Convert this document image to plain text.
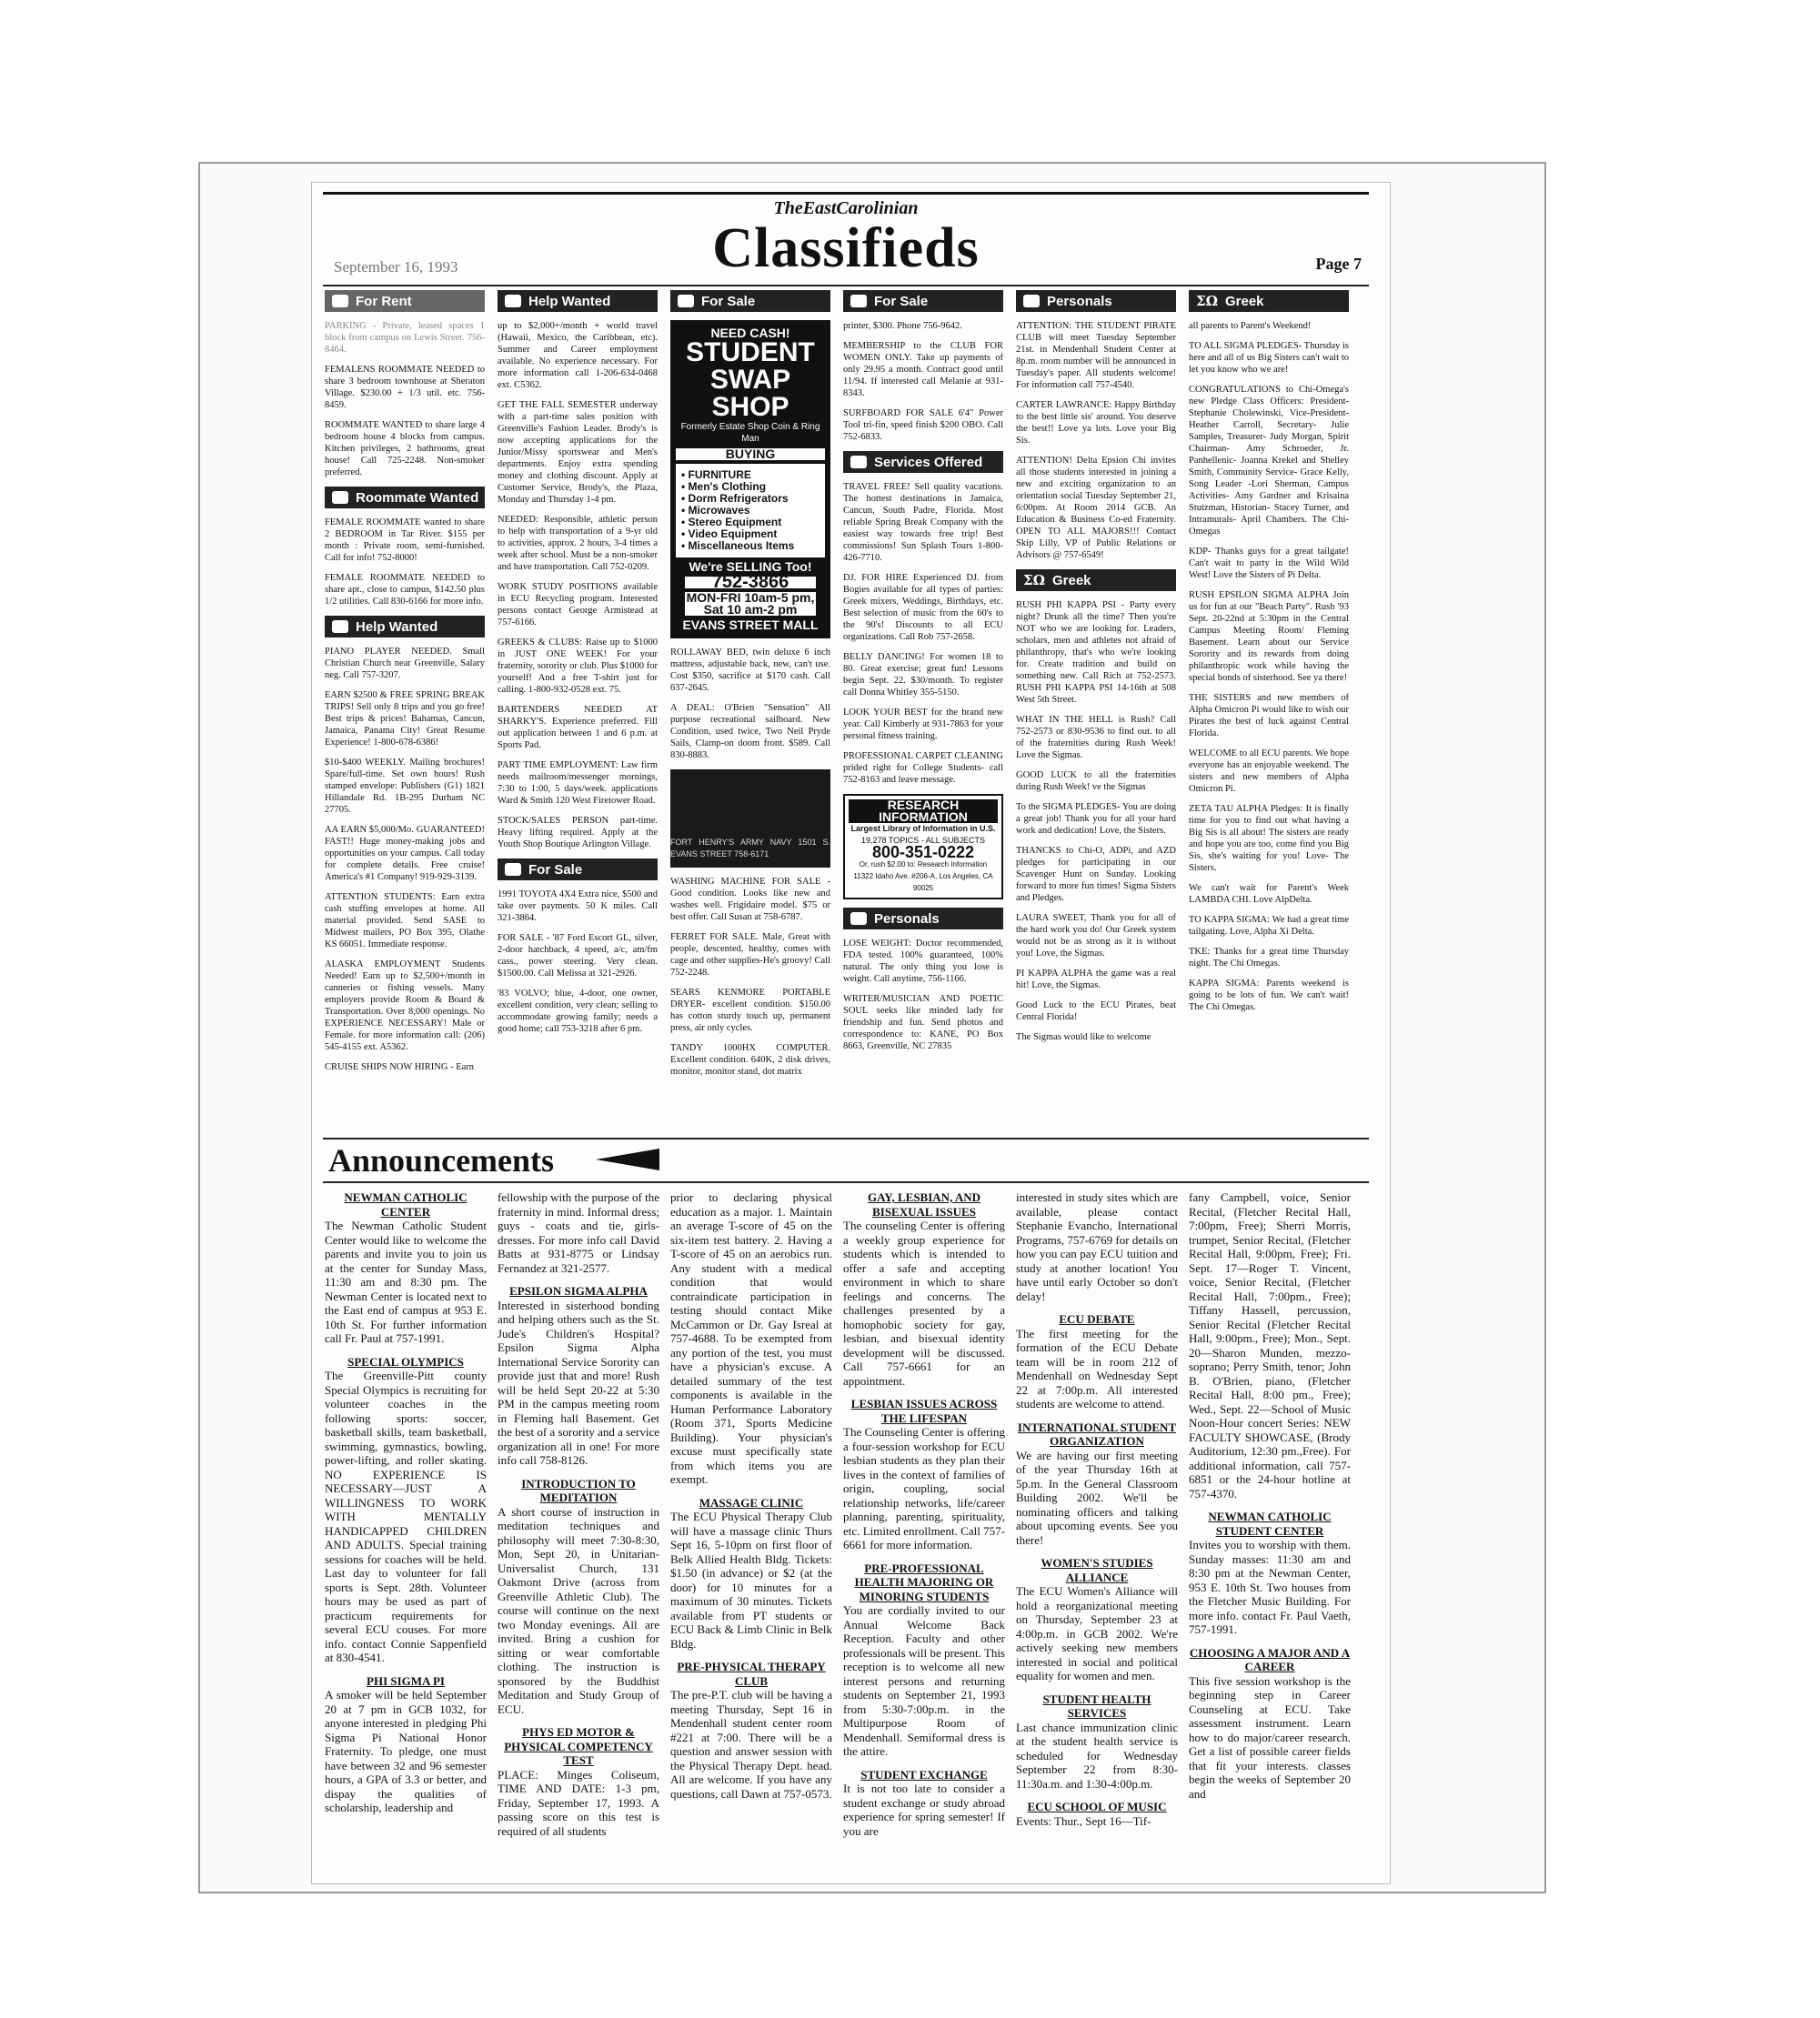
TheEastCarolinian
Classifieds
September 16, 1993	Page 7
For Rent

PARKING - Private, leased spaces 1 block from campus on Lewis Street. 756-8464.

FEMALENS ROOMMATE NEEDED to share 3 bedroom townhouse at Sheraton Village. $230.00 + 1/3 util. etc. 756-8459.

ROOMMATE WANTED to share large 4 bedroom house 4 blocks from campus. Kitchen privileges, 2 bathrooms, great house! Call 725-2248. Non-smoker preferred.

Roommate Wanted

FEMALE ROOMMATE wanted to share 2 BEDROOM in Tar River. $155 per month : Private room, semi-furnished. Call for info! 752-8000!

FEMALE ROOMMATE NEEDED to share apt., close to campus, $142.50 plus 1/2 utilities. Call 830-6166 for more info.

Help Wanted

PIANO PLAYER NEEDED. Small Christian Church near Greenville, Salary neg. Call 757-3207.

EARN $2500 & FREE SPRING BREAK TRIPS! Sell only 8 trips and you go free! Best trips & prices! Bahamas, Cancun, Jamaica, Panama City! Great Resume Experience! 1-800-678-6386!

$10-$400 WEEKLY. Mailing brochures! Spare/full-time. Set own hours! Rush stamped envelope: Publishers (G1) 1821 Hillandale Rd. 1B-295 Durham NC 27705.

AA EARN $5,000/Mo. GUARANTEED! FAST!! Huge money-making jobs and opportunities on your campus. Call today for complete details. Free cruise! America's #1 Company! 919-929-3139.

ATTENTION STUDENTS: Earn extra cash stuffing envelopes at home. All material provided. Send SASE to Midwest mailers, PO Box 395, Olathe KS 66051. Immediate response.

ALASKA EMPLOYMENT Students Needed! Earn up to $2,500+/month in canneries or fishing vessels. Many employers provide Room & Board & Transportation. Over 8,000 openings. No EXPERIENCE NECESSARY! Male or Female. for more information call: (206) 545-4155 ext. A5362.

CRUISE SHIPS NOW HIRING - Earn

Help Wanted

up to $2,000+/month + world travel (Hawaii, Mexico, the Caribbean, etc). Summer and Career employment available. No experience necessary. For more information call 1-206-634-0468 ext. C5362.

GET THE FALL SEMESTER underway with a part-time sales position with Greenville's Fashion Leader. Brody's is now accepting applications for the Junior/Missy sportswear and Men's departments. Enjoy extra spending money and clothing discount. Apply at Customer Service, Brody's, the Plaza, Monday and Thursday 1-4 pm.

NEEDED: Responsible, athletic person to help with transportation of a 9-yr old to activities, approx. 2 hours, 3-4 times a week after school. Must be a non-smoker and have transportation. Call 752-0209.

WORK STUDY POSITIONS available in ECU Recycling program. Interested persons contact George Armistead at 757-6166.

GREEKS & CLUBS: Raise up to $1000 in JUST ONE WEEK! For your fraternity, sorority or club. Plus $1000 for yourself! And a free T-shirt just for calling. 1-800-932-0528 ext. 75.

BARTENDERS NEEDED AT SHARKY'S. Experience preferred. Fill out application between 1 and 6 p.m. at Sports Pad.

PART TIME EMPLOYMENT: Law firm needs mailroom/messenger mornings, 7:30 to 1:00, 5 days/week. applications Ward & Smith 120 West Firetower Road.

STOCK/SALES PERSON part-time. Heavy lifting required. Apply at the Youth Shop Boutique Arlington Village.

For Sale

1991 TOYOTA 4X4 Extra nice, $500 and take over payments. 50 K miles. Call 321-3864.

FOR SALE - '87 Ford Escort GL, silver, 2-door hatchback, 4 speed, a/c, am/fm cass., power steering. Very clean. $1500.00. Call Melissa at 321-2926.

'83 VOLVO; blue, 4-door, one owner, excellent condition, very clean; selling to accommodate growing family; needs a good home; call 753-3218 after 6 pm.

For Sale
NEED CASH!
STUDENT SWAP SHOP
Formerly Estate Shop Coin & Ring Man
BUYING
• FURNITURE
• Men's Clothing
• Dorm Refrigerators
• Microwaves
• Stereo Equipment
• Video Equipment
• Miscellaneous Items
We're SELLING Too!
752-3866
MON-FRI 10am-5 pm, Sat 10 am-2 pm
EVANS STREET MALL

ROLLAWAY BED, twin deluxe 6 inch mattress, adjustable back, new, can't use. Cost $350, sacrifice at $170 cash. Call 637-2645.

A DEAL: O'Brien "Sensation" All purpose recreational sailboard. New Condition, used twice, Two Neil Pryde Sails, Clamp-on doom front. $589. Call 830-8883.

FORT HENRY'S ARMY NAVY 1501 S. EVANS STREET 758-6171

WASHING MACHINE FOR SALE - Good condition. Looks like new and washes well. Frigidaire model. $75 or best offer. Call Susan at 758-6787.

FERRET FOR SALE. Male, Great with people, descented, healthy, comes with cage and other supplies-He's groovy! Call 752-2248.

SEARS KENMORE PORTABLE DRYER- excellent condition. $150.00 has cotton sturdy touch up, permanent press, air only cycles.

TANDY 1000HX COMPUTER. Excellent condition. 640K, 2 disk drives, monitor, monitor stand, dot matrix

For Sale

printer, $300. Phone 756-9642.

MEMBERSHIP to the CLUB FOR WOMEN ONLY. Take up payments of only 29.95 a month. Contract good until 11/94. If interested call Melanie at 931-8343.

SURFBOARD FOR SALE 6'4" Power Tool tri-fin, speed finish $200 OBO. Call 752-6833.

Services Offered

TRAVEL FREE! Sell quality vacations. The hottest destinations in Jamaica, Cancun, South Padre, Florida. Most reliable Spring Break Company with the easiest way towards free trip! Best commissions! Sun Splash Tours 1-800-426-7710.

DJ. FOR HIRE Experienced DJ. from Bogies available for all types of parties: Greek mixers, Weddings, Birthdays, etc. Best selection of music from the 60's to the 90's! Discounts to all ECU organizations. Call Rob 757-2658.

BELLY DANCING! For women 18 to 80. Great exercise; great fun! Lessons begin Sept. 22. $30/month. To register call Donna Whitley 355-5150.

LOOK YOUR BEST for the brand new year. Call Kimberly at 931-7863 for your personal fitness training.

PROFESSIONAL CARPET CLEANING prided right for College Students- call 752-8163 and leave message.

RESEARCH INFORMATION
Largest Library of Information in U.S.
19,278 TOPICS - ALL SUBJECTS
800-351-0222
Or, rush $2.00 to: Research Information 11322 Idaho Ave. #206-A, Los Angeles, CA 90025
Personals

LOSE WEIGHT: Doctor recommended, FDA tested. 100% guaranteed, 100% natural. The only thing you lose is weight. Call anytime, 756-1166.

WRITER/MUSICIAN AND POETIC SOUL seeks like minded lady for friendship and fun. Send photos and correspondence to: KANE, PO Box 8663, Greenville, NC 27835

Personals

ATTENTION: THE STUDENT PIRATE CLUB will meet Tuesday September 21st. in Mendenhall Student Center at 8p.m. room number will be announced in Tuesday's paper. All students welcome! For information call 757-4540.

CARTER LAWRANCE: Happy Birthday to the best little sis' around. You deserve the best!! Love ya lots. Love your Big Sis.

ATTENTION! Delta Epsion Chi invites all those students interested in joining a new and exciting organization to an orientation social Tuesday September 21, 6:00pm. At Room 2014 GCB. An Education & Business Co-ed Fraternity. OPEN TO ALL MAJORS!!! Contact Skip Lilly, VP of Public Relations or Advisors @ 757-6549!

ΣΩ Greek

RUSH PHI KAPPA PSI - Party every night? Drunk all the time? Then you're NOT who we are looking for. Leaders, scholars, men and athletes not afraid of philanthropy, that's who we're looking for. Create tradition and build on something new. Call Rich at 752-2573. RUSH PHI KAPPA PSI 14-16th at 508 West 5th Street.

WHAT IN THE HELL is Rush? Call 752-2573 or 830-9536 to find out. to all of the fraternities during Rush Week! Love the Sigmas.

GOOD LUCK to all the fraternities during Rush Week! ve the Sigmas

To the SIGMA PLEDGES- You are doing a great job! Thank you for all your hard work and dedication! Love, the Sisters.

THANCKS to Chi-O, ADPi, and AZD pledges for participating in our Scavenger Hunt on Sunday. Looking forward to more fun times! Sigma Sisters and Pledges.

LAURA SWEET, Thank you for all of the hard work you do! Our Greek system would not be as strong as it is without you! Love, the Sigmas.

PI KAPPA ALPHA the game was a real hit! Love, the Sigmas.

Good Luck to the ECU Pirates, beat Central Florida!

The Sigmas would like to welcome

ΣΩ Greek

all parents to Parent's Weekend!

TO ALL SIGMA PLEDGES- Thursday is here and all of us Big Sisters can't wait to let you know who we are!

CONGRATULATIONS to Chi-Omega's new Pledge Class Officers: President- Stephanie Cholewinski, Vice-President- Heather Carroll, Secretary- Julie Samples, Treasurer- Judy Morgan, Spirit Chairman- Amy Schroeder, Jr. Panhellenic- Joanna Krekel and Shelley Smith, Community Service- Grace Kelly, Song Leader -Lori Sherman, Campus Activities- Amy Gardner and Krisaina Stutzman, Historian- Stacey Turner, and Intramurals- April Chambers. The Chi-Omegas

KDP- Thanks guys for a great tailgate! Can't wait to party in the Wild Wild West! Love the Sisters of Pi Delta.

RUSH EPSILON SIGMA ALPHA Join us for fun at our "Beach Party". Rush '93 Sept. 20-22nd at 5:30pm in the Central Campus Meeting Room/ Fleming Basement. Learn about our Service Sorority and its rewards from doing philanthropic work while having the special bonds of sisterhood. See ya there!

THE SISTERS and new members of Alpha Omicron Pi would like to wish our Pirates the best of luck against Central Florida.

WELCOME to all ECU parents. We hope everyone has an enjoyable weekend. The sisters and new members of Alpha Omicron Pi.

ZETA TAU ALPHA Pledges: It is finally time for you to find out what having a Big Sis is all about! The sisters are ready and hope you are too, come find you Big Sis, she's waiting for you! Love- The Sisters.

We can't wait for Parent's Week LAMBDA CHI. Love AlpDelta.

TO KAPPA SIGMA: We had a great time tailgating. Love, Alpha Xi Delta.

TKE: Thanks for a great time Thursday night. The Chi Omegas.

KAPPA SIGMA: Parents weekend is going to be lots of fun. We can't wait! The Chi Omegas.

Announcements
NEWMAN CATHOLIC CENTER

The Newman Catholic Student Center would like to welcome the parents and invite you to join us at the center for Sunday Mass, 11:30 am and 8:30 pm. The Newman Center is located next to the East end of campus at 953 E. 10th St. For further information call Fr. Paul at 757-1991.

SPECIAL OLYMPICS

The Greenville-Pitt county Special Olympics is recruiting for volunteer coaches in the following sports: soccer, basketball skills, team basketball, swimming, gymnastics, bowling, power-lifting, and roller skating. NO EXPERIENCE IS NECESSARY—JUST A WILLINGNESS TO WORK WITH MENTALLY HANDICAPPED CHILDREN AND ADULTS. Special training sessions for coaches will be held. Last day to volunteer for fall sports is Sept. 28th. Volunteer hours may be used as part of practicum requirements for several ECU couses. For more info. contact Connie Sappenfield at 830-4541.

PHI SIGMA PI

A smoker will be held September 20 at 7 pm in GCB 1032, for anyone interested in pledging Phi Sigma Pi National Honor Fraternity. To pledge, one must have between 32 and 96 semester hours, a GPA of 3.3 or better, and dispay the qualities of scholarship, leadership and

fellowship with the purpose of the fraternity in mind. Informal dress; guys - coats and tie, girls- dresses. For more info call David Batts at 931-8775 or Lindsay Fernandez at 321-2577.

EPSILON SIGMA ALPHA

Interested in sisterhood bonding and helping others such as the St. Jude's Children's Hospital? Epsilon Sigma Alpha International Service Sorority can provide just that and more! Rush will be held Sept 20-22 at 5:30 PM in the campus meeting room in Fleming hall Basement. Get the best of a sorority and a service organization all in one! For more info call 758-8126.

INTRODUCTION TO MEDITATION

A short course of instruction in meditation techniques and philosophy will meet 7:30-8:30, Mon, Sept 20, in Unitarian-Universalist Church, 131 Oakmont Drive (across from Greenville Athletic Club). The course will continue on the next two Monday evenings. All are invited. Bring a cushion for sitting or wear comfortable clothing. The instruction is sponsored by the Buddhist Meditation and Study Group of ECU.

PHYS ED MOTOR & PHYSICAL COMPETENCY TEST

PLACE: Minges Coliseum, TIME AND DATE: 1-3 pm, Friday, September 17, 1993. A passing score on this test is required of all students

prior to declaring physical education as a major. 1. Maintain an average T-score of 45 on the six-item test battery. 2. Having a T-score of 45 on an aerobics run. Any student with a medical condition that would contraindicate participation in testing should contact Mike McCammon or Dr. Gay Isreal at 757-4688. To be exempted from any portion of the test, you must have a physician's excuse. A detailed summary of the test components is available in the Human Performance Laboratory (Room 371, Sports Medicine Building). Your physician's excuse must specifically state from which items you are exempt.

MASSAGE CLINIC

The ECU Physical Therapy Club will have a massage clinic Thurs Sept 16, 5-10pm on first floor of Belk Allied Health Bldg. Tickets: $1.50 (in advance) or $2 (at the door) for 10 minutes for a maximum of 30 minutes. Tickets available from PT students or ECU Back & Limb Clinic in Belk Bldg.

PRE-PHYSICAL THERAPY CLUB

The pre-P.T. club will be having a meeting Thursday, Sept 16 in Mendenhall student center room #221 at 7:00. There will be a question and answer session with the Physical Therapy Dept. head. All are welcome. If you have any questions, call Dawn at 757-0573.

GAY, LESBIAN, AND BISEXUAL ISSUES

The counseling Center is offering a weekly group experience for students which is intended to offer a safe and accepting environment in which to share feelings and concerns. The challenges presented by a homophobic society for gay, lesbian, and bisexual identity development will be discussed. Call 757-6661 for an appointment.

LESBIAN ISSUES ACROSS THE LIFESPAN

The Counseling Center is offering a four-session workshop for ECU lesbian students as they plan their lives in the context of families of origin, coupling, social relationship networks, life/career planning, parenting, spirituality, etc. Limited enrollment. Call 757-6661 for more information.

PRE-PROFESSIONAL HEALTH MAJORING OR MINORING STUDENTS

You are cordially invited to our Annual Welcome Back Reception. Faculty and other professionals will be present. This reception is to welcome all new interest persons and returning students on September 21, 1993 from 5:30-7:00p.m. in the Multipurpose Room of Mendenhall. Semiformal dress is the attire.

STUDENT EXCHANGE

It is not too late to consider a student exchange or study abroad experience for spring semester! If you are

interested in study sites which are available, please contact Stephanie Evancho, International Programs, 757-6769 for details on how you can pay ECU tuition and study at another location! You have until early October so don't delay!

ECU DEBATE

The first meeting for the formation of the ECU Debate team will be in room 212 of Mendenhall on Wednesday Sept 22 at 7:00p.m. All interested students are welcome to attend.

INTERNATIONAL STUDENT ORGANIZATION

We are having our first meeting of the year Thursday 16th at 5p.m. In the General Classroom Building 2002. We'll be nominating officers and talking about upcoming events. See you there!

WOMEN'S STUDIES ALLIANCE

The ECU Women's Alliance will hold a reorganizational meeting on Thursday, September 23 at 4:00p.m. in GCB 2002. We're actively seeking new members interested in social and political equality for women and men.

STUDENT HEALTH SERVICES

Last chance immunization clinic at the student health service is scheduled for Wednesday September 22 from 8:30-11:30a.m. and 1:30-4:00p.m.

ECU SCHOOL OF MUSIC

Events: Thur., Sept 16—Tif-

fany Campbell, voice, Senior Recital, (Fletcher Recital Hall, 7:00pm, Free); Sherri Morris, trumpet, Senior Recital, (Fletcher Recital Hall, 9:00pm, Free); Fri. Sept. 17—Roger T. Vincent, voice, Senior Recital, (Fletcher Recital Hall, 7:00pm., Free); Tiffany Hassell, percussion, Senior Recital (Fletcher Recital Hall, 9:00pm., Free); Mon., Sept. 20—Sharon Munden, mezzo-soprano; Perry Smith, tenor; John B. O'Brien, piano, (Fletcher Recital Hall, 8:00 pm., Free); Wed., Sept. 22—School of Music Noon-Hour concert Series: NEW FACULTY SHOWCASE, (Brody Auditorium, 12:30 pm.,Free). For additional information, call 757-6851 or the 24-hour hotline at 757-4370.

NEWMAN CATHOLIC STUDENT CENTER

Invites you to worship with them. Sunday masses: 11:30 am and 8:30 pm at the Newman Center, 953 E. 10th St. Two houses from the Fletcher Music Building. For more info. contact Fr. Paul Vaeth, 757-1991.

CHOOSING A MAJOR AND A CAREER

This five session workshop is the beginning step in Career Counseling at ECU. Take assessment instrument. Learn how to do major/career research. Get a list of possible career fields that fit your interests. classes begin the weeks of September 20 and
